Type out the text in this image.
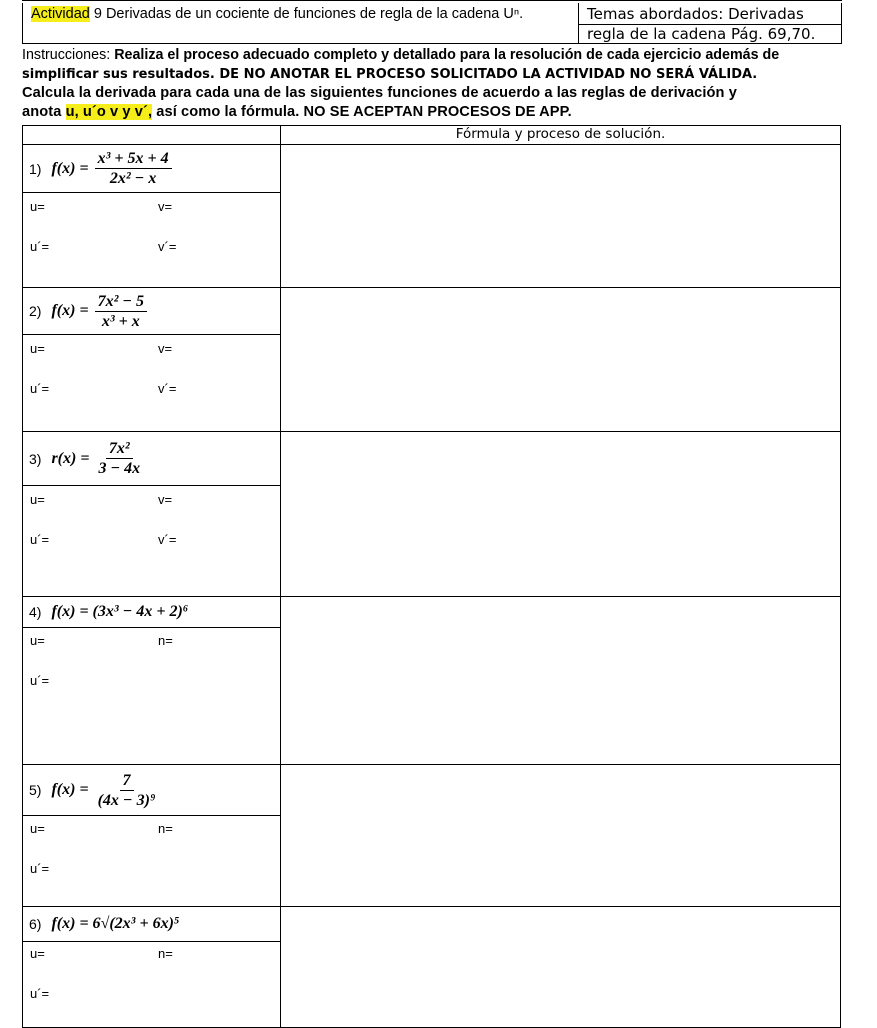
Actividad 9 Derivadas de un cociente de funciones de regla de la cadena Uⁿ.	Temas abordados: Derivadas
regla de la cadena Pág. 69,70.
Instrucciones: Realiza el proceso adecuado completo y detallado para la resolución de cada ejercicio además de
simplificar sus resultados. DE NO ANOTAR EL PROCESO SOLICITADO LA ACTIVIDAD NO SERÁ VÁLIDA.
Calcula la derivada para cada una de las siguientes funciones de acuerdo a las reglas de derivación y
anota u, u´o v y v´, así como la fórmula. NO SE ACEPTAN PROCESOS DE APP.
	Fórmula y proceso de solución.

1) $f(x) = \frac{\text{x³ + 5x + 4}}{\text{2x² − x}}$

u= v=
u´= v´=	

2) $f(x) = \frac{\text{7x² − 5}}{\text{x³ + x}}$

u= v=
u´= v´=	

3) $r(x) = \frac{\text{7x²}}{3 - 4x}$

u= v=
u´= v´=	

4) f(x) = (3x³ − 4x + 2)⁶	

u= n=
u´=	

5) $f(x) = \frac{7}{\text{(4x − 3)⁹}}$

u= n=
u´=	

6) f(x) = 6√(2x³ + 6x)⁵	

u= n=
u´=	
